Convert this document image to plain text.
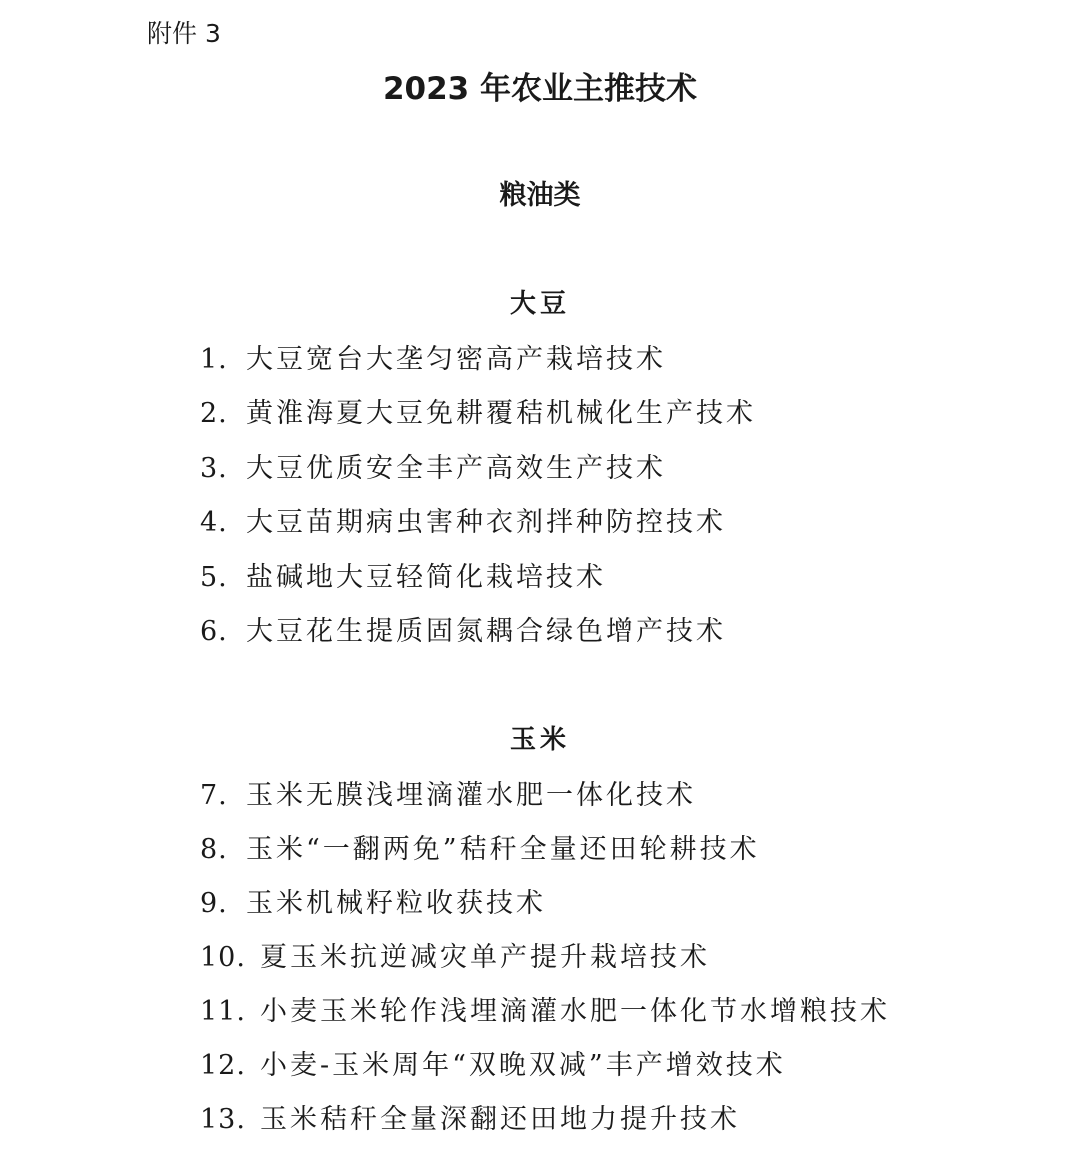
附件 3
2023 年农业主推技术
粮油类
大豆
1. 大豆宽台大垄匀密高产栽培技术
2. 黄淮海夏大豆免耕覆秸机械化生产技术
3. 大豆优质安全丰产高效生产技术
4. 大豆苗期病虫害种衣剂拌种防控技术
5. 盐碱地大豆轻简化栽培技术
6. 大豆花生提质固氮耦合绿色增产技术
玉米
7. 玉米无膜浅埋滴灌水肥一体化技术
8. 玉米“一翻两免”秸秆全量还田轮耕技术
9. 玉米机械籽粒收获技术
10. 夏玉米抗逆减灾单产提升栽培技术
11. 小麦玉米轮作浅埋滴灌水肥一体化节水增粮技术
12. 小麦-玉米周年“双晚双减”丰产增效技术
13. 玉米秸秆全量深翻还田地力提升技术
